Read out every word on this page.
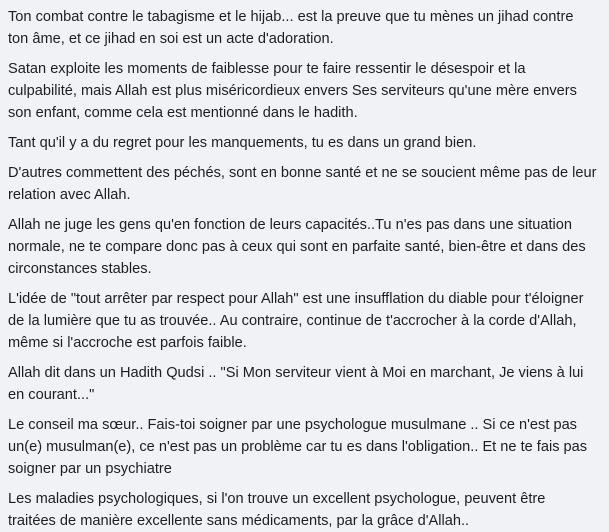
Ton combat contre le tabagisme et le hijab... est la preuve que tu mènes un jihad contre ton âme, et ce jihad en soi est un acte d'adoration.

Satan exploite les moments de faiblesse pour te faire ressentir le désespoir et la culpabilité, mais Allah est plus miséricordieux envers Ses serviteurs qu'une mère envers son enfant, comme cela est mentionné dans le hadith.

Tant qu'il y a du regret pour les manquements, tu es dans un grand bien.

D'autres commettent des péchés, sont en bonne santé et ne se soucient même pas de leur relation avec Allah.

Allah ne juge les gens qu'en fonction de leurs capacités..Tu n'es pas dans une situation normale, ne te compare donc pas à ceux qui sont en parfaite santé, bien-être et dans des circonstances stables.

L'idée de "tout arrêter par respect pour Allah" est une insufflation du diable pour t'éloigner de la lumière que tu as trouvée.. Au contraire, continue de t'accrocher à la corde d'Allah, même si l'accroche est parfois faible.

Allah dit dans un Hadith Qudsi .. "Si Mon serviteur vient à Moi en marchant, Je viens à lui en courant..."

Le conseil ma sœur.. Fais-toi soigner par une psychologue musulmane .. Si ce n'est pas un(e) musulman(e), ce n'est pas un problème car tu es dans l'obligation.. Et ne te fais pas soigner par un psychiatre

Les maladies psychologiques, si l'on trouve un excellent psychologue, peuvent être traitées de manière excellente sans médicaments, par la grâce d'Allah..
